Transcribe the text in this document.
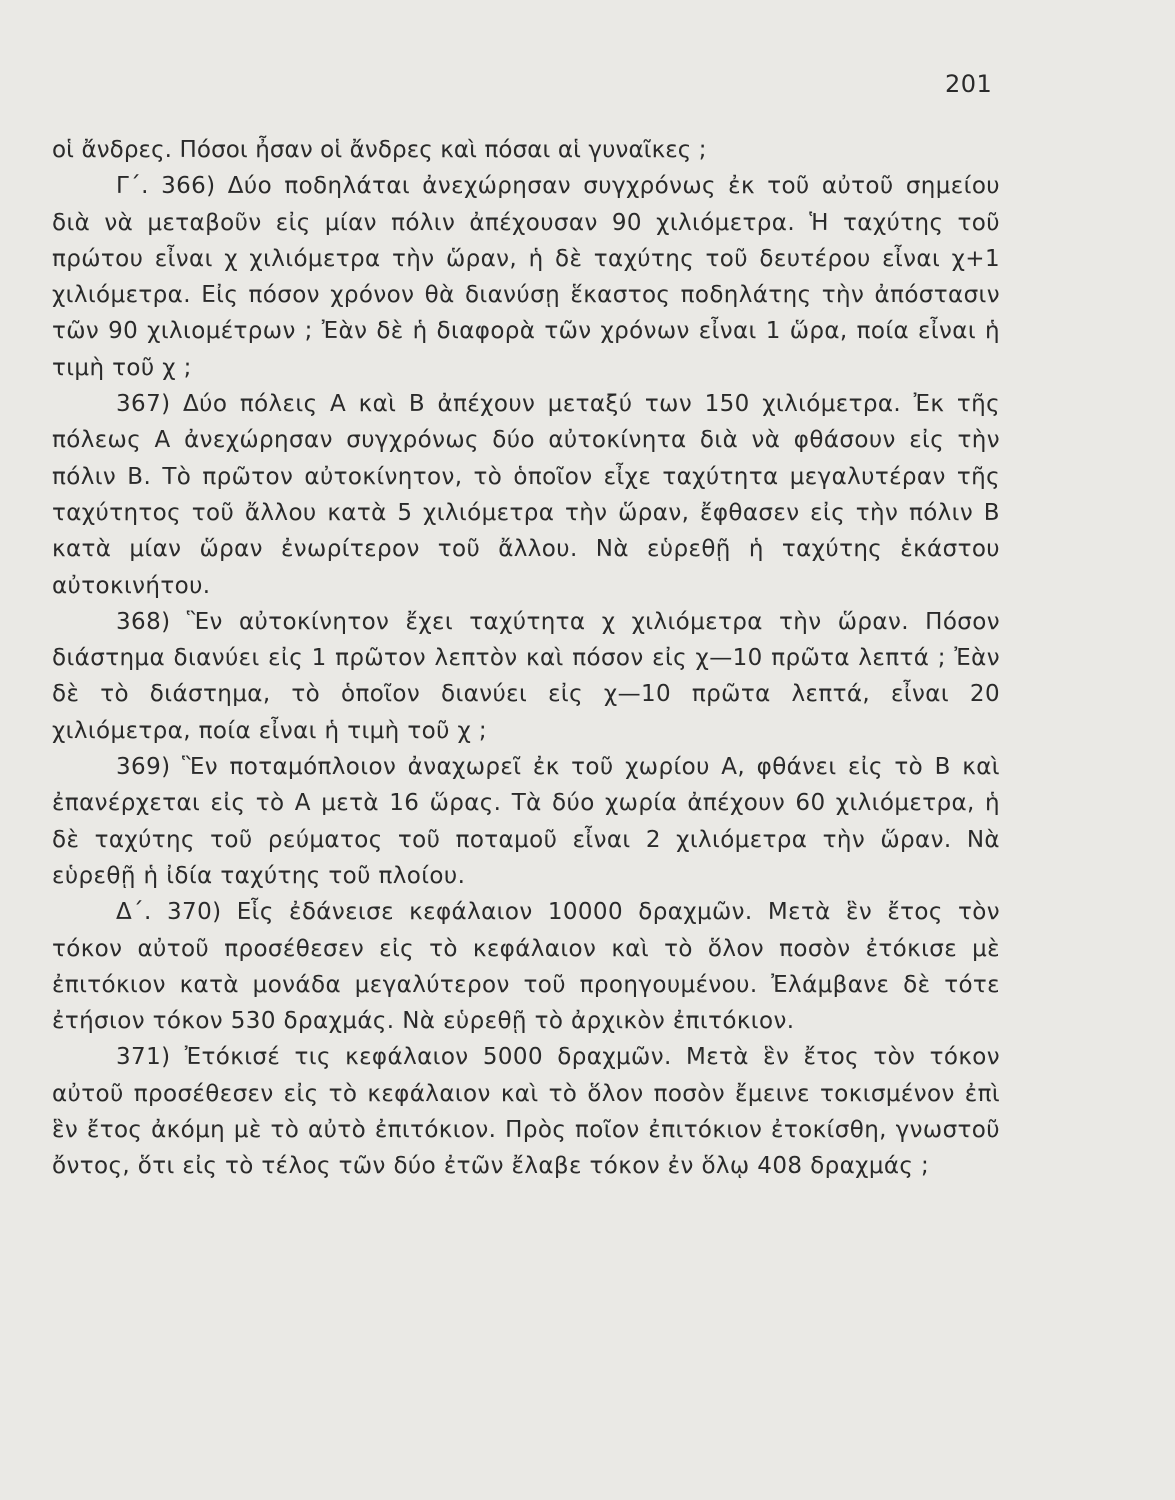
201

οἱ ἄνδρες. Πόσοι ἦσαν οἱ ἄνδρες καὶ πόσαι αἱ γυναῖκες ;

Γ΄. 366) Δύο ποδηλάται ἀνεχώρησαν συγχρόνως ἐκ τοῦ αὐτοῦ σημείου διὰ νὰ μεταβοῦν εἰς μίαν πόλιν ἀπέχουσαν 90 χιλιόμετρα. Ἡ ταχύτης τοῦ πρώτου εἶναι χ χιλιόμετρα τὴν ὥραν, ἡ δὲ ταχύτης τοῦ δευτέρου εἶναι χ+1 χιλιόμετρα. Εἰς πόσον χρόνον θὰ διανύσῃ ἕκαστος ποδηλάτης τὴν ἀπόστασιν τῶν 90 χιλιομέτρων ; Ἐὰν δὲ ἡ διαφορὰ τῶν χρόνων εἶναι 1 ὥρα, ποία εἶναι ἡ τιμὴ τοῦ χ ;

367) Δύο πόλεις Α καὶ Β ἀπέχουν μεταξύ των 150 χιλιόμετρα. Ἐκ τῆς πόλεως Α ἀνεχώρησαν συγχρόνως δύο αὐτοκίνητα διὰ νὰ φθάσουν εἰς τὴν πόλιν Β. Τὸ πρῶτον αὐτοκίνητον, τὸ ὁποῖον εἶχε ταχύτητα μεγαλυτέραν τῆς ταχύτητος τοῦ ἄλλου κατὰ 5 χιλιόμετρα τὴν ὥραν, ἔφθασεν εἰς τὴν πόλιν Β κατὰ μίαν ὥραν ἐνωρίτερον τοῦ ἄλλου. Νὰ εὑρεθῇ ἡ ταχύτης ἑκάστου αὐτοκινήτου.

368) Ἓν αὐτοκίνητον ἔχει ταχύτητα χ χιλιόμετρα τὴν ὥραν. Πόσον διάστημα διανύει εἰς 1 πρῶτον λεπτὸν καὶ πόσον εἰς χ—10 πρῶτα λεπτά ; Ἐὰν δὲ τὸ διάστημα, τὸ ὁποῖον διανύει εἰς χ—10 πρῶτα λεπτά, εἶναι 20 χιλιόμετρα, ποία εἶναι ἡ τιμὴ τοῦ χ ;

369) Ἓν ποταμόπλοιον ἀναχωρεῖ ἐκ τοῦ χωρίου Α, φθάνει εἰς τὸ Β καὶ ἐπανέρχεται εἰς τὸ Α μετὰ 16 ὥρας. Τὰ δύο χωρία ἀπέχουν 60 χιλιόμετρα, ἡ δὲ ταχύτης τοῦ ρεύματος τοῦ ποταμοῦ εἶναι 2 χιλιόμετρα τὴν ὥραν. Νὰ εὑρεθῇ ἡ ἰδία ταχύτης τοῦ πλοίου.

Δ΄. 370) Εἷς ἐδάνεισε κεφάλαιον 10000 δραχμῶν. Μετὰ ἓν ἔτος τὸν τόκον αὐτοῦ προσέθεσεν εἰς τὸ κεφάλαιον καὶ τὸ ὅλον ποσὸν ἐτόκισε μὲ ἐπιτόκιον κατὰ μονάδα μεγαλύτερον τοῦ προηγουμένου. Ἐλάμβανε δὲ τότε ἐτήσιον τόκον 530 δραχμάς. Νὰ εὑρεθῇ τὸ ἀρχικὸν ἐπιτόκιον.

371) Ἐτόκισέ τις κεφάλαιον 5000 δραχμῶν. Μετὰ ἓν ἔτος τὸν τόκον αὐτοῦ προσέθεσεν εἰς τὸ κεφάλαιον καὶ τὸ ὅλον ποσὸν ἔμεινε τοκισμένον ἐπὶ ἓν ἔτος ἀκόμη μὲ τὸ αὐτὸ ἐπιτόκιον. Πρὸς ποῖον ἐπιτόκιον ἐτοκίσθη, γνωστοῦ ὄντος, ὅτι εἰς τὸ τέλος τῶν δύο ἐτῶν ἔλαβε τόκον ἐν ὅλῳ 408 δραχμάς ;
